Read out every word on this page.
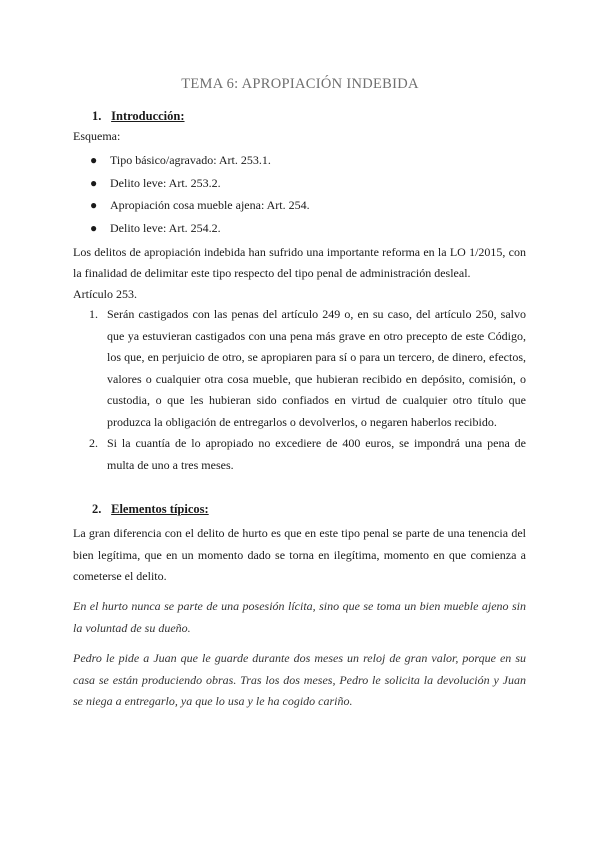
TEMA 6: APROPIACIÓN INDEBIDA
1. Introducción:
Esquema:
● Tipo básico/agravado: Art. 253.1.
● Delito leve: Art. 253.2.
● Apropiación cosa mueble ajena: Art. 254.
● Delito leve: Art. 254.2.
Los delitos de apropiación indebida han sufrido una importante reforma en la LO 1/2015, con la finalidad de delimitar este tipo respecto del tipo penal de administración desleal.
Artículo 253.
1. Serán castigados con las penas del artículo 249 o, en su caso, del artículo 250, salvo que ya estuvieran castigados con una pena más grave en otro precepto de este Código, los que, en perjuicio de otro, se apropiaren para sí o para un tercero, de dinero, efectos, valores o cualquier otra cosa mueble, que hubieran recibido en depósito, comisión, o custodia, o que les hubieran sido confiados en virtud de cualquier otro título que produzca la obligación de entregarlos o devolverlos, o negaren haberlos recibido.
2. Si la cuantía de lo apropiado no excediere de 400 euros, se impondrá una pena de multa de uno a tres meses.
2. Elementos típicos:
La gran diferencia con el delito de hurto es que en este tipo penal se parte de una tenencia del bien legítima, que en un momento dado se torna en ilegítima, momento en que comienza a cometerse el delito.
En el hurto nunca se parte de una posesión lícita, sino que se toma un bien mueble ajeno sin la voluntad de su dueño.
Pedro le pide a Juan que le guarde durante dos meses un reloj de gran valor, porque en su casa se están produciendo obras. Tras los dos meses, Pedro le solicita la devolución y Juan se niega a entregarlo, ya que lo usa y le ha cogido cariño.
